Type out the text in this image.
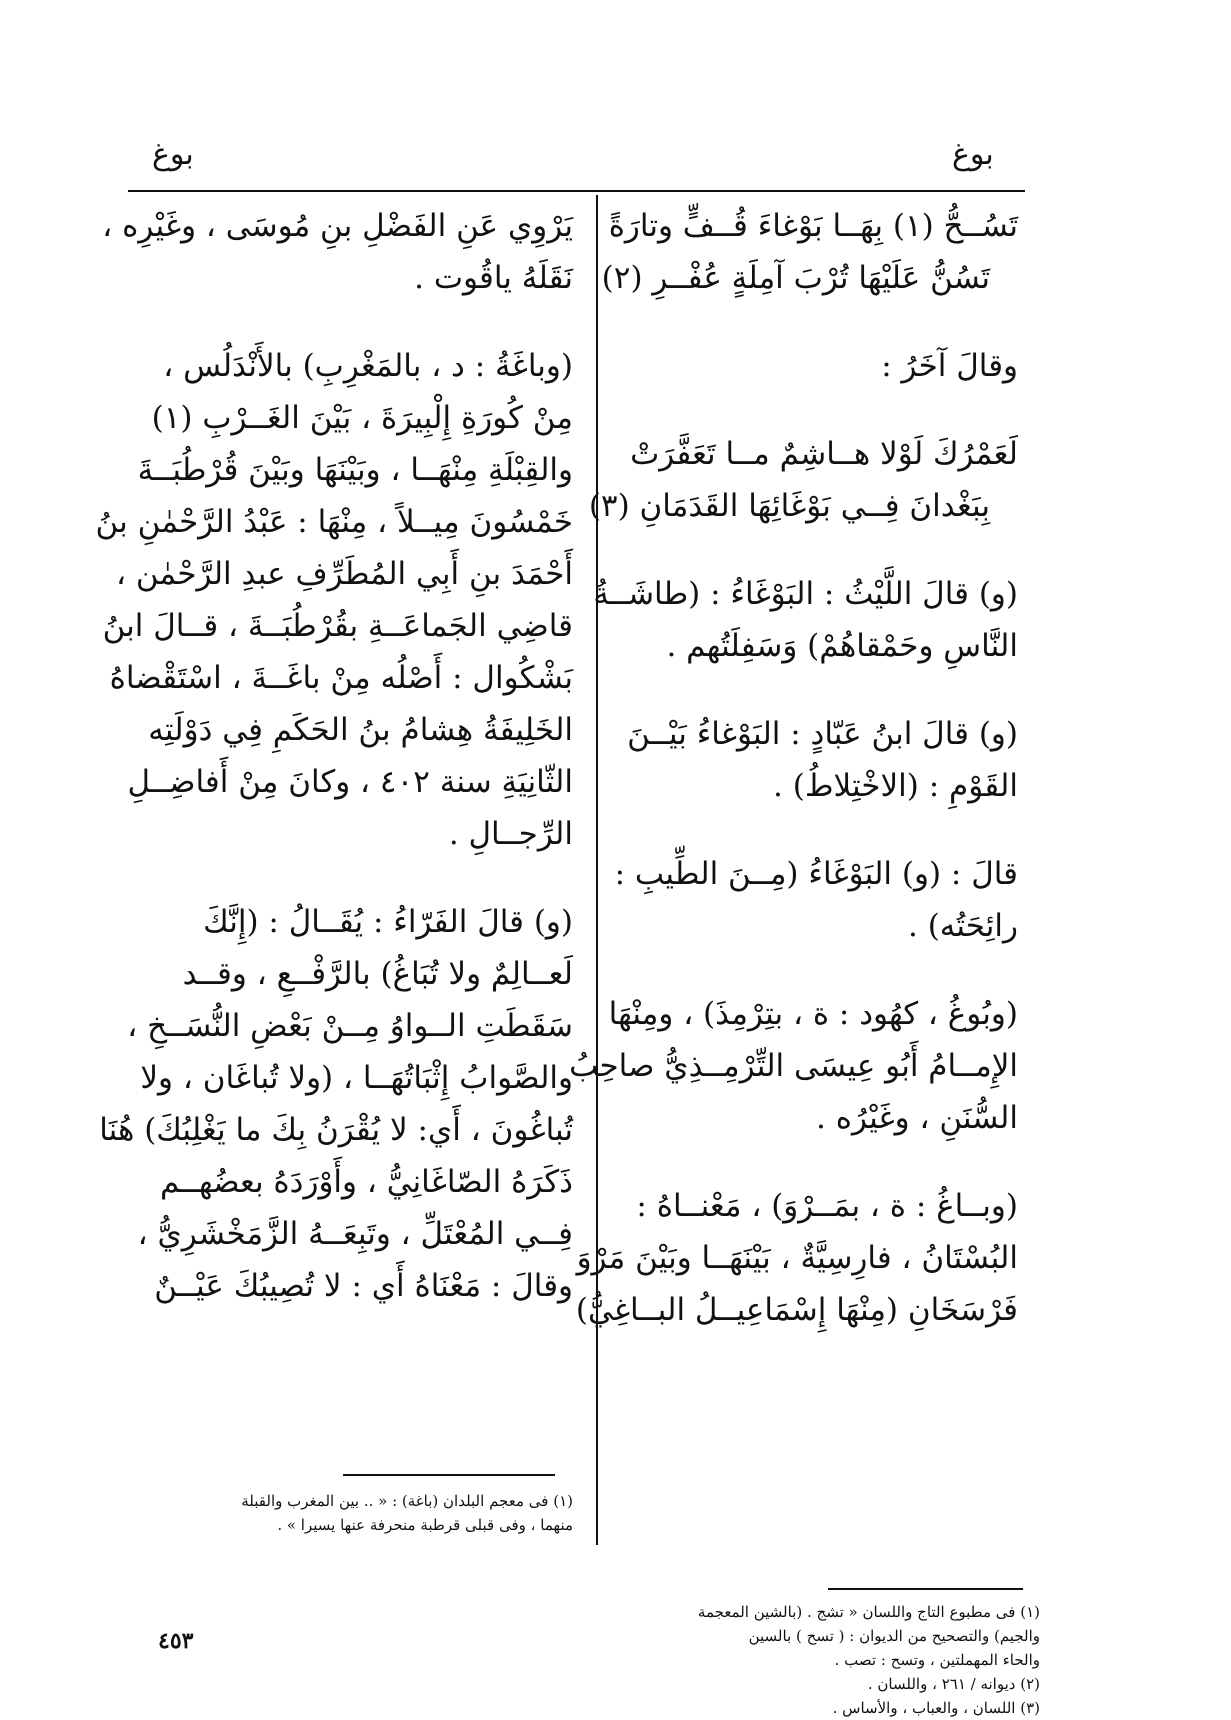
بوغ
بوغ
تَسُــحُّ (١) بِهَــا بَوْغاءَ قُــفٍّ وتارَةً
تَسُنُّ عَلَيْهَا تُرْبَ آمِلَةٍ عُفْــرِ (٢)
وقالَ آخَرُ :
لَعَمْرُكَ لَوْلا هــاشِمٌ مــا تَعَفَّرَتْ
بِبَغْدانَ فِــي بَوْغَائِهَا القَدَمَانِ (٣)
(و) قالَ اللَّيْثُ : البَوْغَاءُ : (طاشَــةُ
النَّاسِ وحَمْقاهُمْ) وَسَفِلَتُهم .
(و) قالَ ابنُ عَبّادٍ : البَوْغاءُ بَيْــنَ
القَوْمِ : (الاخْتِلاطُ) .
قالَ : (و) البَوْغَاءُ (مِــنَ الطِّيبِ :
رائِحَتُه) .
(وبُوغُ ، كهُود : ة ، بتِرْمِذَ) ، ومِنْهَا
الإِمــامُ أَبُو عِيسَى التِّرْمِــذِيُّ صاحِبُ
السُّنَنِ ، وغَيْرُه .
(وبــاغُ : ة ، بمَــرْوَ) ، مَعْنــاهُ :
البُسْتَانُ ، فارِسِيَّةٌ ، بَيْنَهَــا وبَيْنَ مَرْوَ
فَرْسَخَانِ (مِنْهَا إِسْمَاعِيــلُ البــاغِيُّ)
(١) فى مطبوع التاج واللسان « تشج . (بالشين المعجمة
والجيم) والتصحيح من الديوان : ( تسح ) بالسين
والحاء المهملتين ، وتسح : تصب .
(٢) ديوانه / ٢٦١ ، واللسان .
(٣) اللسان ، والعباب ، والأساس .
يَرْوِي عَنِ الفَضْلِ بنِ مُوسَى ، وغَيْرِه ،
نَقَلَهُ ياقُوت .
(وباغَةُ : د ، بالمَغْرِبِ) بالأَنْدَلُس ،
مِنْ كُورَةِ إِلْبِيرَةَ ، بَيْنَ الغَــرْبِ (١)
والقِبْلَةِ مِنْهَــا ، وبَيْنَهَا وبَيْنَ قُرْطُبَــةَ
خَمْسُونَ مِيــلاً ، مِنْهَا : عَبْدُ الرَّحْمٰنِ بنُ
أَحْمَدَ بنِ أَبِي المُطَرِّفِ عبدِ الرَّحْمٰن ،
قاضِي الجَماعَــةِ بقُرْطُبَــةَ ، قــالَ ابنُ
بَشْكُوال : أَصْلُه مِنْ باغَــةَ ، اسْتَقْضاهُ
الخَلِيفَةُ هِشامُ بنُ الحَكَمِ فِي دَوْلَتِه
الثّانِيَةِ سنة ٤٠٢ ، وكانَ مِنْ أَفاضِــلِ
الرِّجــالِ .
(و) قالَ الفَرّاءُ : يُقَــالُ : (إِنَّكَ
لَعــالِمٌ ولا تُبَاغُ) بالرَّفْــعِ ، وقــد
سَقَطَتِ الــواوُ مِــنْ بَعْضِ النُّسَــخِ ،
والصَّوابُ إِثْبَاتُهَــا ، (ولا تُباغَان ، ولا
تُباغُونَ ، أَي: لا يُقْرَنُ بِكَ ما يَغْلِبُكَ) هُنَا
ذَكَرَهُ الصّاغَانِيُّ ، وأَوْرَدَهُ بعضُهــم
فِــي المُعْتَلِّ ، وتَبِعَــهُ الزَّمَخْشَرِيُّ ،
وقالَ : مَعْنَاهُ أَي : لا تُصِيبُكَ عَيْــنٌ
(١) فى معجم البلدان (باغة) : « .. بين المغرب والقبلة
منهما ، وفى قبلى قرطبة منحرفة عنها يسيرا » .
٤٥٣
